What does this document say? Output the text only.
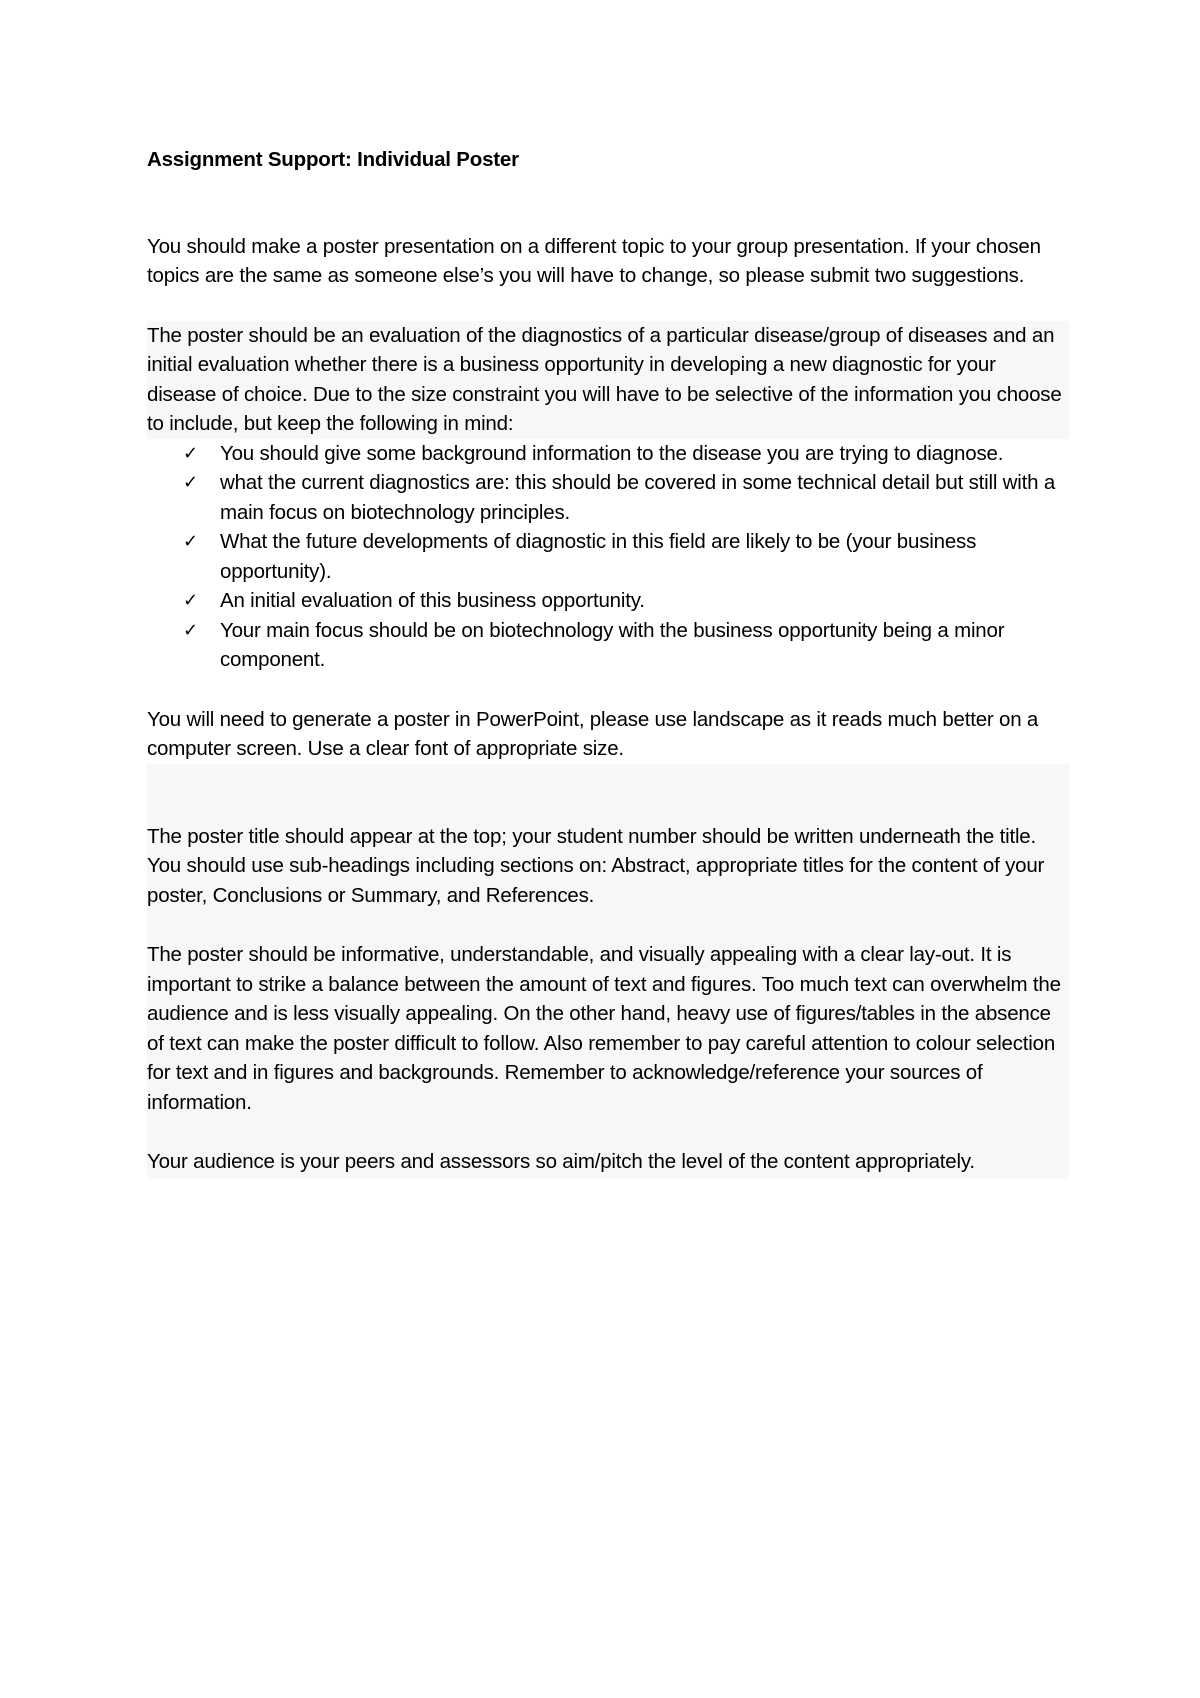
Assignment Support: Individual Poster

You should make a poster presentation on a different topic to your group presentation. If your chosen topics are the same as someone else’s you will have to change, so please submit two suggestions.

The poster should be an evaluation of the diagnostics of a particular disease/group of diseases and an initial evaluation whether there is a business opportunity in developing a new diagnostic for your disease of choice. Due to the size constraint you will have to be selective of the information you choose to include, but keep the following in mind:

✓ You should give some background information to the disease you are trying to diagnose.
✓ what the current diagnostics are: this should be covered in some technical detail but still with a main focus on biotechnology principles.
✓ What the future developments of diagnostic in this field are likely to be (your business opportunity).
✓ An initial evaluation of this business opportunity.
✓ Your main focus should be on biotechnology with the business opportunity being a minor component.

You will need to generate a poster in PowerPoint, please use landscape as it reads much better on a computer screen. Use a clear font of appropriate size.

The poster title should appear at the top; your student number should be written underneath the title. You should use sub-headings including sections on: Abstract, appropriate titles for the content of your poster, Conclusions or Summary, and References.

The poster should be informative, understandable, and visually appealing with a clear lay-out. It is important to strike a balance between the amount of text and figures. Too much text can overwhelm the audience and is less visually appealing. On the other hand, heavy use of figures/tables in the absence of text can make the poster difficult to follow. Also remember to pay careful attention to colour selection for text and in figures and backgrounds. Remember to acknowledge/reference your sources of information.

Your audience is your peers and assessors so aim/pitch the level of the content appropriately.
